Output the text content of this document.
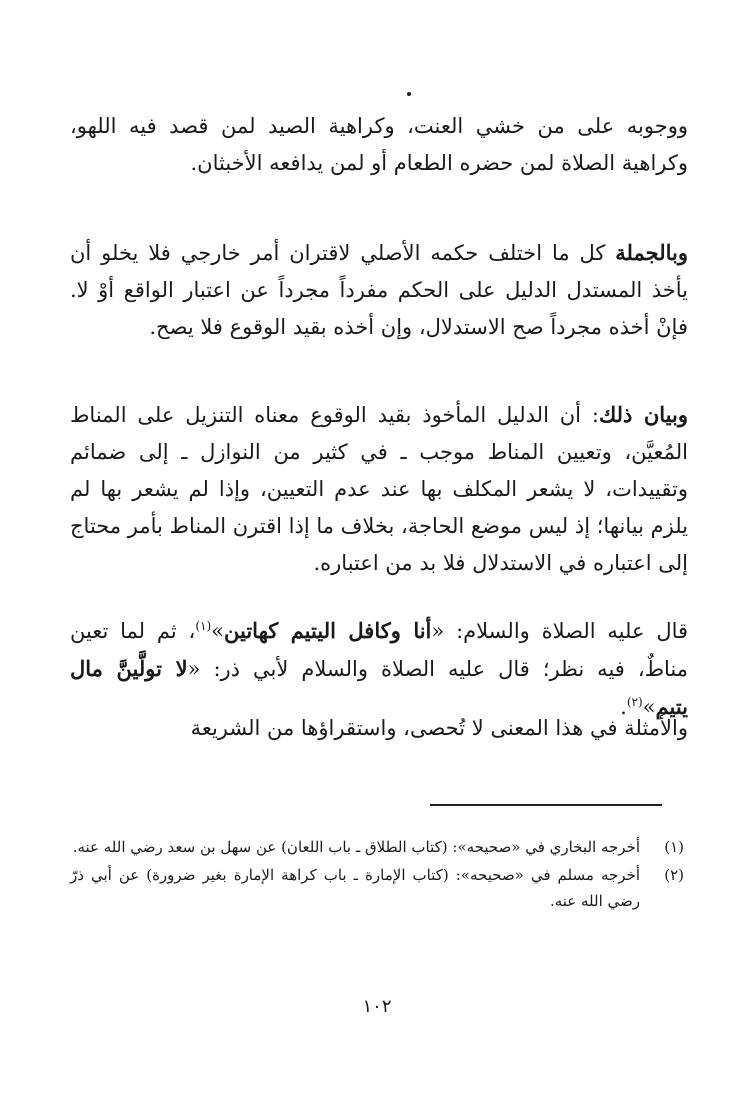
ووجوبه على من خشي العنت، وكراهية الصيد لمن قصد فيه اللهو، وكراهية الصلاة لمن حضره الطعام أو لمن يدافعه الأخبثان.

وبالجملة كل ما اختلف حكمه الأصلي لاقتران أمر خارجي فلا يخلو أن يأخذ المستدل الدليل على الحكم مفرداً مجرداً عن اعتبار الواقع أوْ لا. فإنْ أخذه مجرداً صح الاستدلال، وإن أخذه بقيد الوقوع فلا يصح.

وبيان ذلك: أن الدليل المأخوذ بقيد الوقوع معناه التنزيل على المناط المُعيَّن، وتعيين المناط موجب ـ في كثير من النوازل ـ إلى ضمائم وتقييدات، لا يشعر المكلف بها عند عدم التعيين، وإذا لم يشعر بها لم يلزم بيانها؛ إذ ليس موضع الحاجة، بخلاف ما إذا اقترن المناط بأمر محتاج إلى اعتباره في الاستدلال فلا بد من اعتباره.

قال عليه الصلاة والسلام: «أنا وكافل اليتيم كهاتين»$^{(١)}$، ثم لما تعين مناطٌ، فيه نظر؛ قال عليه الصلاة والسلام لأبي ذر: «لا تولَّينَّ مال يتيم»$^{(٢)}$.

والأمثلة في هذا المعنى لا تُحصى، واستقراؤها من الشريعة

(١)
أخرجه البخاري في «صحيحه»: (كتاب الطلاق ـ باب اللعان) عن سهل بن سعد رضي الله عنه.
(٢)
أخرجه مسلم في «صحيحه»: (كتاب الإمارة ـ باب كراهة الإمارة بغير ضرورة) عن أبي ذرّ رضي الله عنه.
١٠٢
